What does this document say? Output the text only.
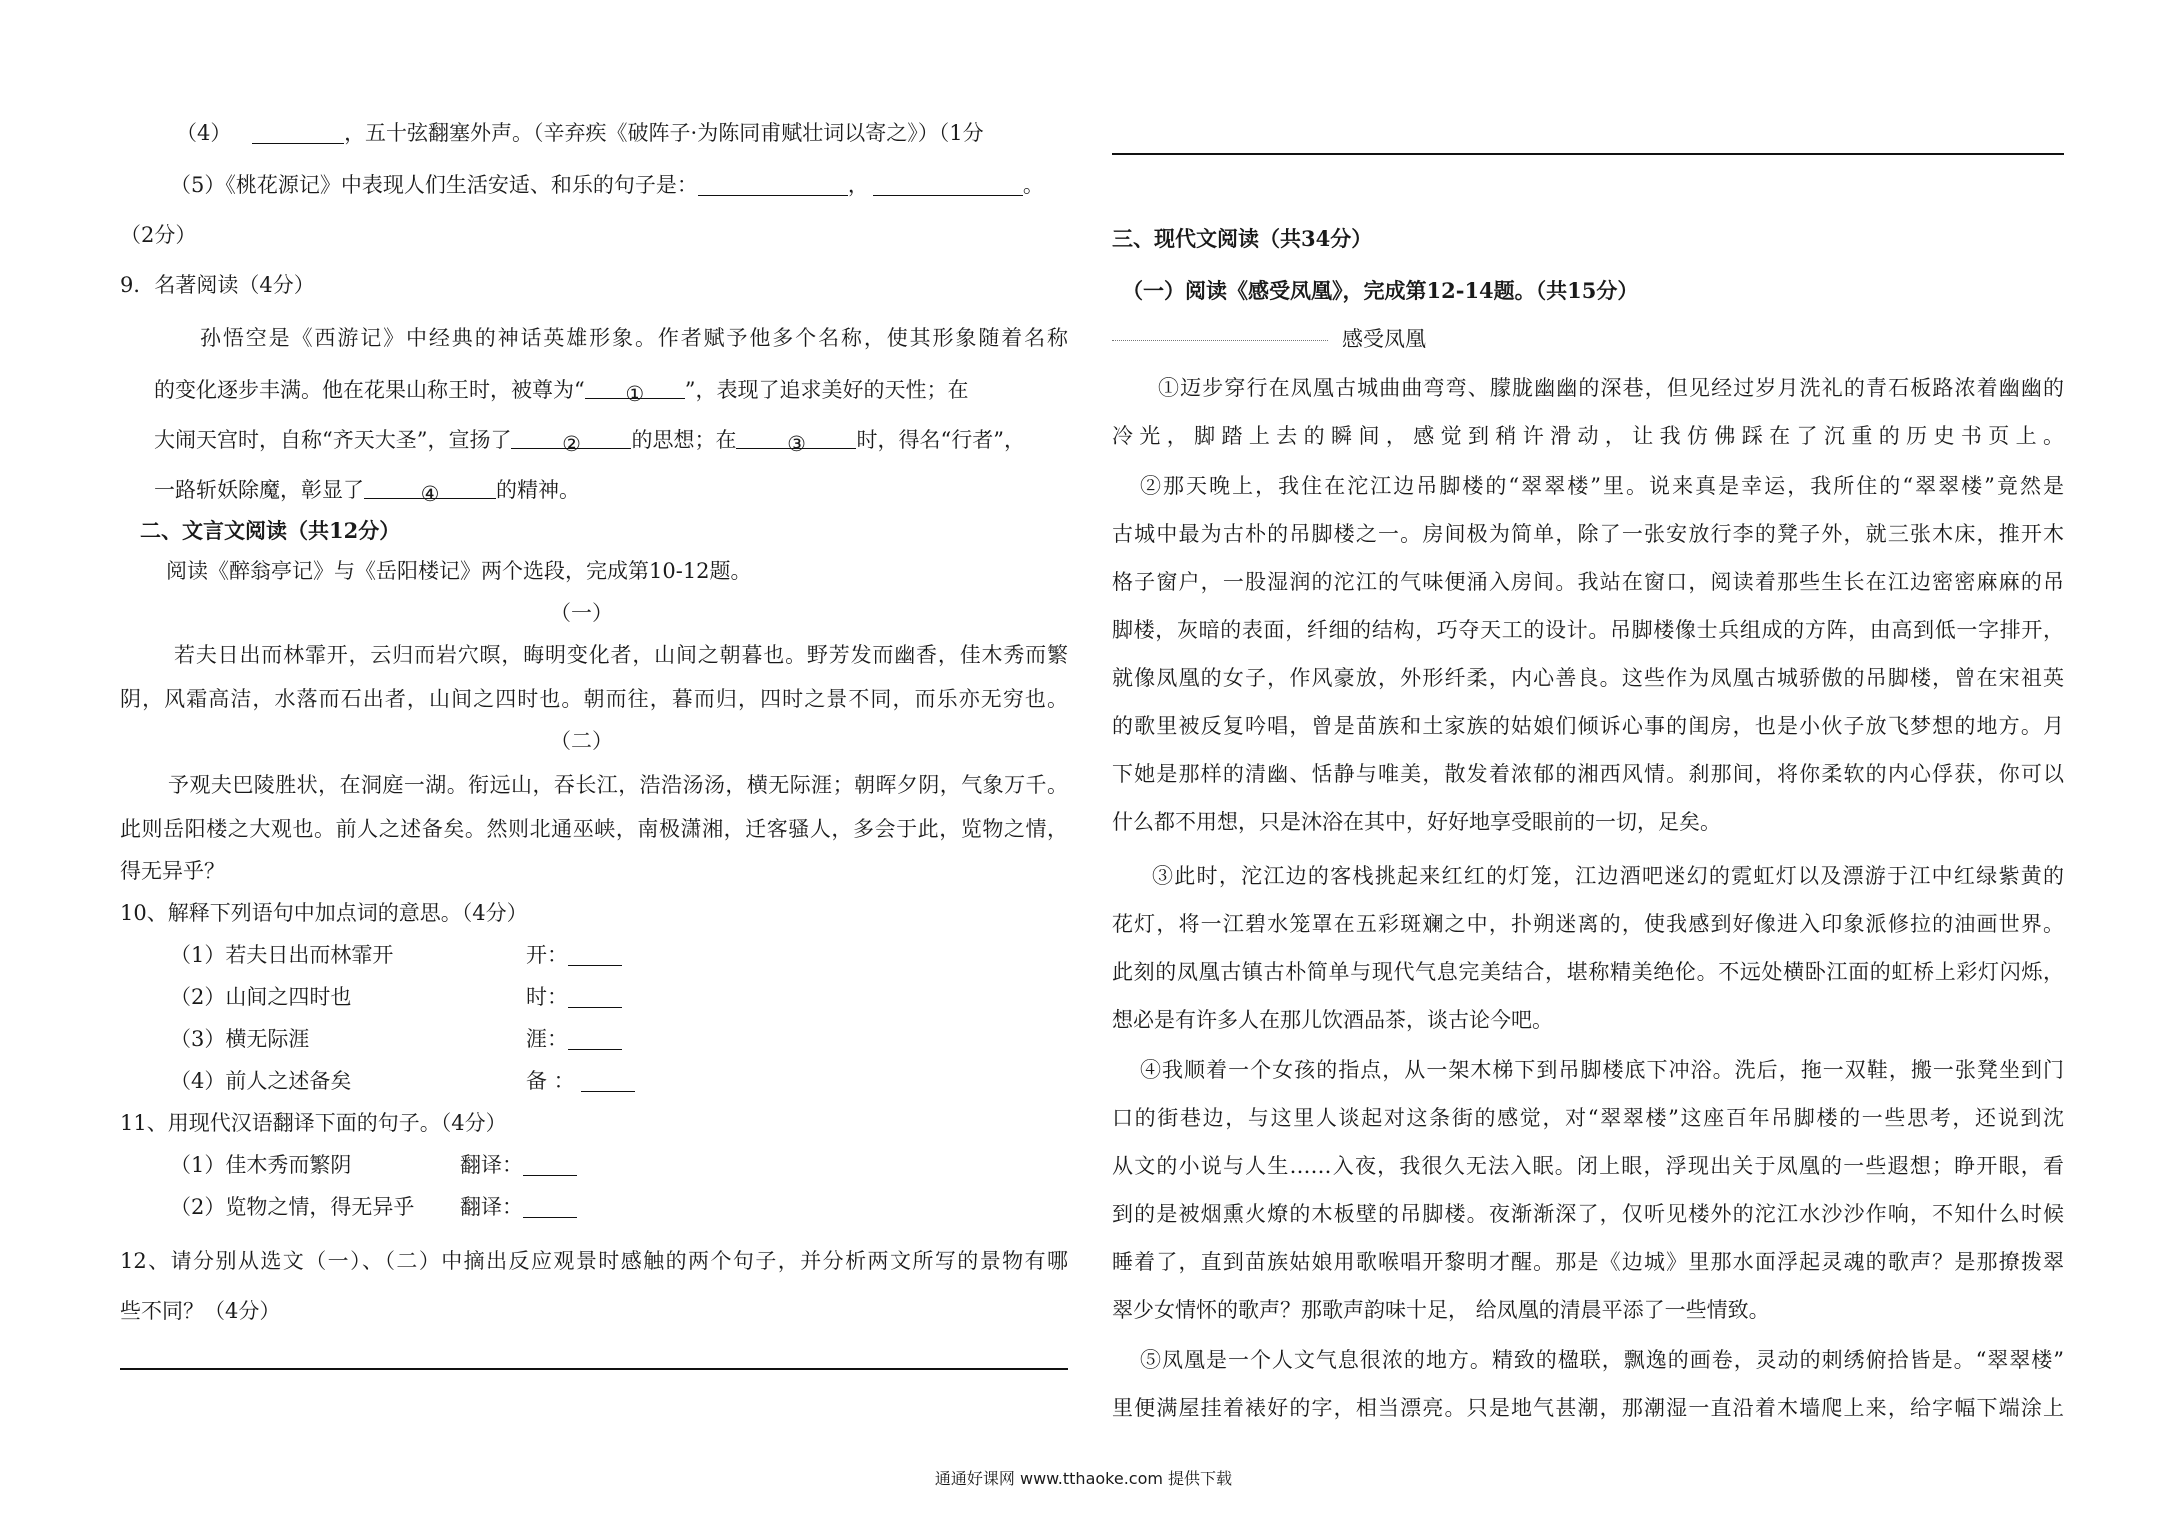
（4）	，五十弦翻塞外声。（辛弃疾《破阵子·为陈同甫赋壮词以寄之》）（1分
（5）《桃花源记》中表现人们生活安适、和乐的句子是：	，	。
（2分）
9．名著阅读（4分）
孙悟空是《西游记》中经典的神话英雄形象。作者赋予他多个名称，使其形象随着名称
的变化逐步丰满。他在花果山称王时，被尊为“ ① ”，表现了追求美好的天性；在
大闹天宫时，自称“齐天大圣”，宣扬了 ② 的思想；在 ③ 时，得名“行者”，
一路斩妖除魔，彰显了	④	的精神。
二、文言文阅读（共12分）
阅读《醉翁亭记》与《岳阳楼记》两个选段，完成第10-12题。
（一）
若夫日出而林霏开，云归而岩穴暝，晦明变化者，山间之朝暮也。野芳发而幽香，佳木秀而繁
阴，风霜高洁，水落而石出者，山间之四时也。朝而往，暮而归，四时之景不同，而乐亦无穷也。
（二）
予观夫巴陵胜状，在洞庭一湖。衔远山，吞长江，浩浩汤汤，横无际涯；朝晖夕阴，气象万千。
此则岳阳楼之大观也。前人之述备矣。然则北通巫峡，南极潇湘，迁客骚人，多会于此，览物之情，
得无异乎？
10、解释下列语句中加点词的意思。（4分）
（1）若夫日出而林霏开	开：
（2）山间之四时也	时：
（3）横无际涯	涯：
（4）前人之述备矣	备 ：
11、用现代汉语翻译下面的句子。（4分）
（1）佳木秀而繁阴	翻译：
（2）览物之情，得无异乎 翻译：
12、请分别从选文（一）、（二）中摘出反应观景时感触的两个句子，并分析两文所写的景物有哪
些不同？（4分）
三、现代文阅读（共34分）
（一）阅读《感受凤凰》，完成第12-14题。（共15分）
感受凤凰
①迈步穿行在凤凰古城曲曲弯弯、朦胧幽幽的深巷，但见经过岁月洗礼的青石板路浓着幽幽的
冷光，脚踏上去的瞬间，感觉到稍许滑动，让我仿佛踩在了沉重的历史书页上。
②那天晚上，我住在沱江边吊脚楼的“翠翠楼”里。说来真是幸运，我所住的“翠翠楼”竟然是
古城中最为古朴的吊脚楼之一。房间极为简单，除了一张安放行李的凳子外，就三张木床，推开木
格子窗户，一股湿润的沱江的气味便涌入房间。我站在窗口，阅读着那些生长在江边密密麻麻的吊
脚楼，灰暗的表面，纤细的结构，巧夺天工的设计。吊脚楼像士兵组成的方阵，由高到低一字排开，
就像凤凰的女子，作风豪放，外形纤柔，内心善良。这些作为凤凰古城骄傲的吊脚楼，曾在宋祖英
的歌里被反复吟唱，曾是苗族和土家族的姑娘们倾诉心事的闺房，也是小伙子放飞梦想的地方。月
下她是那样的清幽、恬静与唯美，散发着浓郁的湘西风情。刹那间，将你柔软的内心俘获，你可以
什么都不用想，只是沐浴在其中，好好地享受眼前的一切，足矣。
③此时，沱江边的客栈挑起来红红的灯笼，江边酒吧迷幻的霓虹灯以及漂游于江中红绿紫黄的
花灯，将一江碧水笼罩在五彩斑斓之中，扑朔迷离的，使我感到好像进入印象派修拉的油画世界。
此刻的凤凰古镇古朴简单与现代气息完美结合，堪称精美绝伦。不远处横卧江面的虹桥上彩灯闪烁，
想必是有许多人在那儿饮酒品茶，谈古论今吧。
④我顺着一个女孩的指点，从一架木梯下到吊脚楼底下冲浴。洗后，拖一双鞋，搬一张凳坐到门
口的街巷边，与这里人谈起对这条街的感觉，对“翠翠楼”这座百年吊脚楼的一些思考，还说到沈
从文的小说与人生……入夜，我很久无法入眠。闭上眼，浮现出关于凤凰的一些遐想；睁开眼，看
到的是被烟熏火燎的木板壁的吊脚楼。夜渐渐深了，仅听见楼外的沱江水沙沙作响，不知什么时候
睡着了，直到苗族姑娘用歌喉唱开黎明才醒。那是《边城》里那水面浮起灵魂的歌声？是那撩拨翠
翠少女情怀的歌声？那歌声韵味十足， 给凤凰的清晨平添了一些情致。
⑤凤凰是一个人文气息很浓的地方。精致的楹联，飘逸的画卷，灵动的刺绣俯拾皆是。“翠翠楼”
里便满屋挂着裱好的字，相当漂亮。只是地气甚潮，那潮湿一直沿着木墙爬上来，给字幅下端涂上
通通好课网 www.tthaoke.com 提供下载
